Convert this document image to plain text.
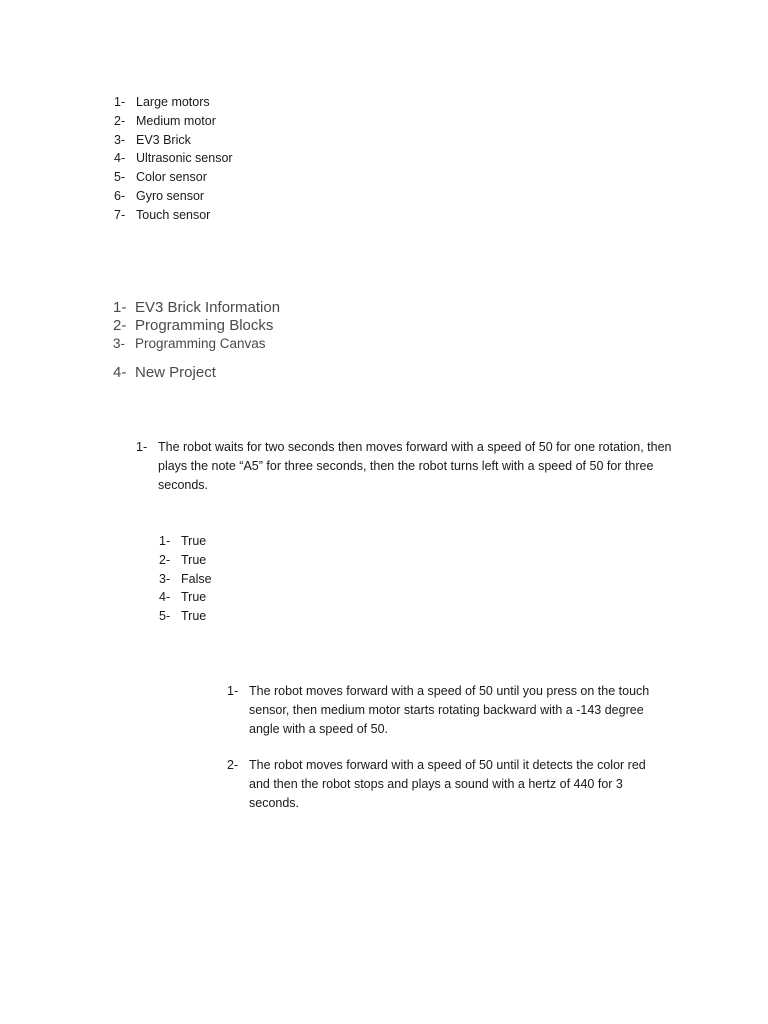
1- Large motors
2- Medium motor
3- EV3 Brick
4- Ultrasonic sensor
5- Color sensor
6- Gyro sensor
7- Touch sensor
1- EV3 Brick Information
2- Programming Blocks
3- Programming Canvas
4- New Project
1- The robot waits for two seconds then moves forward with a speed of 50 for one rotation, then plays the note “A5” for three seconds, then the robot turns left with a speed of 50 for three seconds.
1- True
2- True
3- False
4- True
5- True
1- The robot moves forward with a speed of 50 until you press on the touch sensor, then medium motor starts rotating backward with a -143 degree angle with a speed of 50.
2- The robot moves forward with a speed of 50 until it detects the color red and then the robot stops and plays a sound with a hertz of 440 for 3 seconds.
